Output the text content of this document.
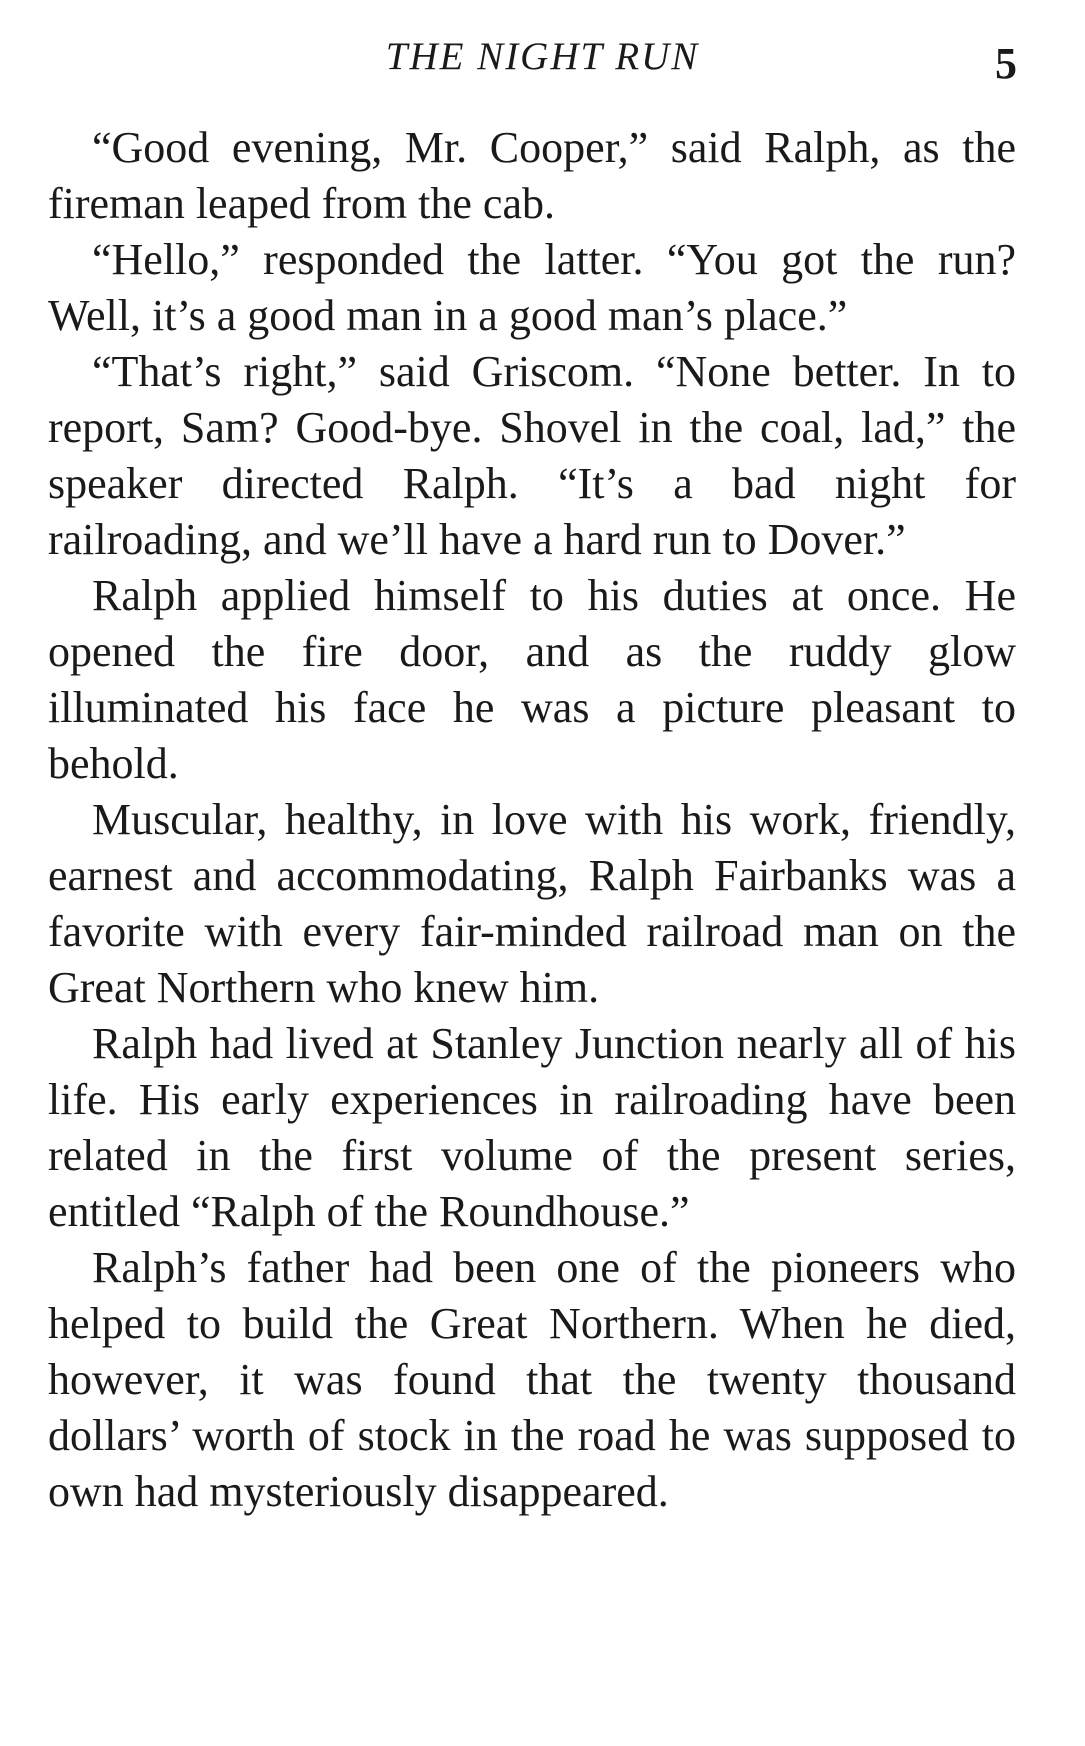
THE NIGHT RUN	5

“Good evening, Mr. Cooper,” said Ralph, as the fireman leaped from the cab.

“Hello,” responded the latter. “You got the run? Well, it’s a good man in a good man’s place.”

“That’s right,” said Griscom. “None better. In to report, Sam? Good-bye. Shovel in the coal, lad,” the speaker directed Ralph. “It’s a bad night for railroading, and we’ll have a hard run to Dover.”

Ralph applied himself to his duties at once. He opened the fire door, and as the ruddy glow illuminated his face he was a picture pleasant to behold.

Muscular, healthy, in love with his work, friendly, earnest and accommodating, Ralph Fairbanks was a favorite with every fair-minded railroad man on the Great Northern who knew him.

Ralph had lived at Stanley Junction nearly all of his life. His early experiences in railroading have been related in the first volume of the present series, entitled “Ralph of the Roundhouse.”

Ralph’s father had been one of the pioneers who helped to build the Great Northern. When he died, however, it was found that the twenty thousand dollars’ worth of stock in the road he was supposed to own had mysteriously disappeared.
